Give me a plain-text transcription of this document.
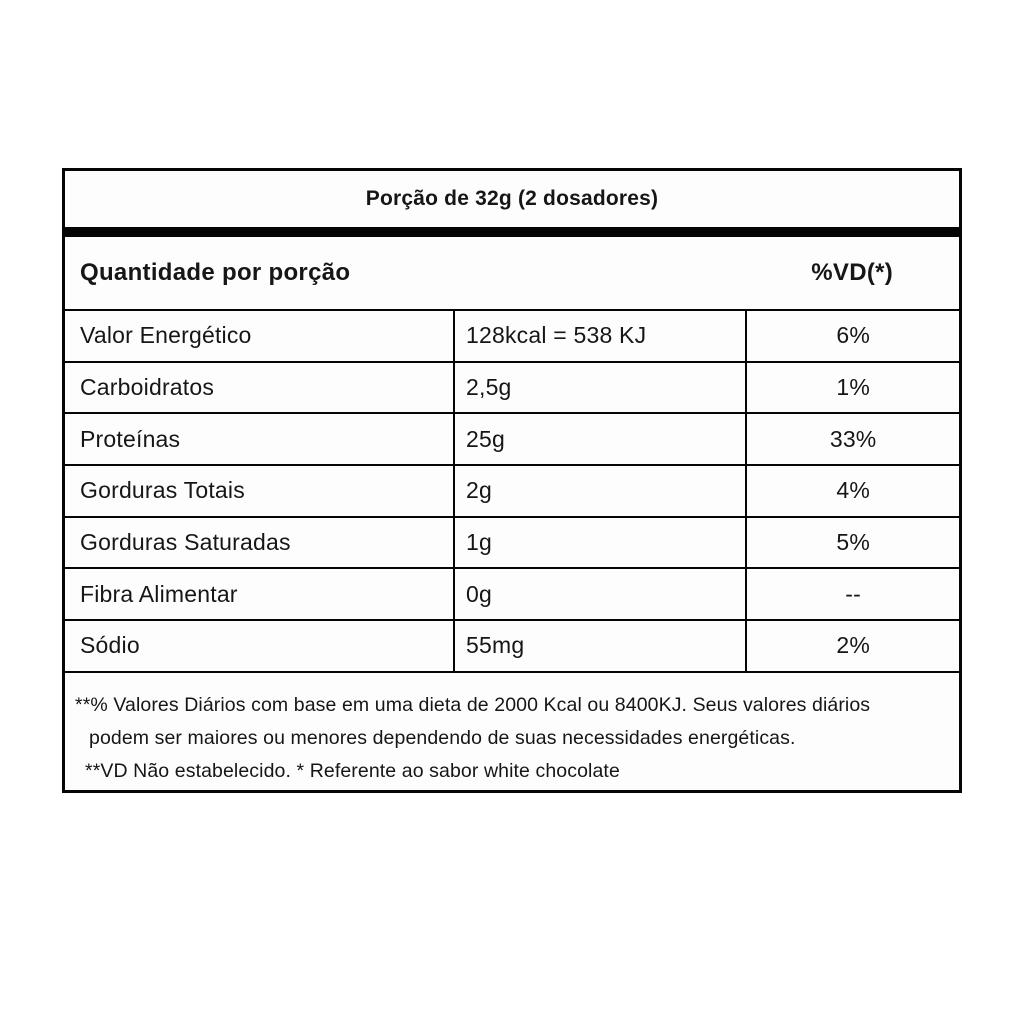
Porção de 32g (2 dosadores)
Quantidade por porção	%VD(*)
Valor Energético	128kcal = 538 KJ	6%
Carboidratos	2,5g	1%
Proteínas	25g	33%
Gorduras Totais	2g	4%
Gorduras Saturadas	1g	5%
Fibra Alimentar	0g	--
Sódio	55mg	2%
**% Valores Diários com base em uma dieta de 2000 Kcal ou 8400KJ. Seus valores diários
podem ser maiores ou menores dependendo de suas necessidades energéticas.
**VD Não estabelecido. * Referente ao sabor white chocolate
